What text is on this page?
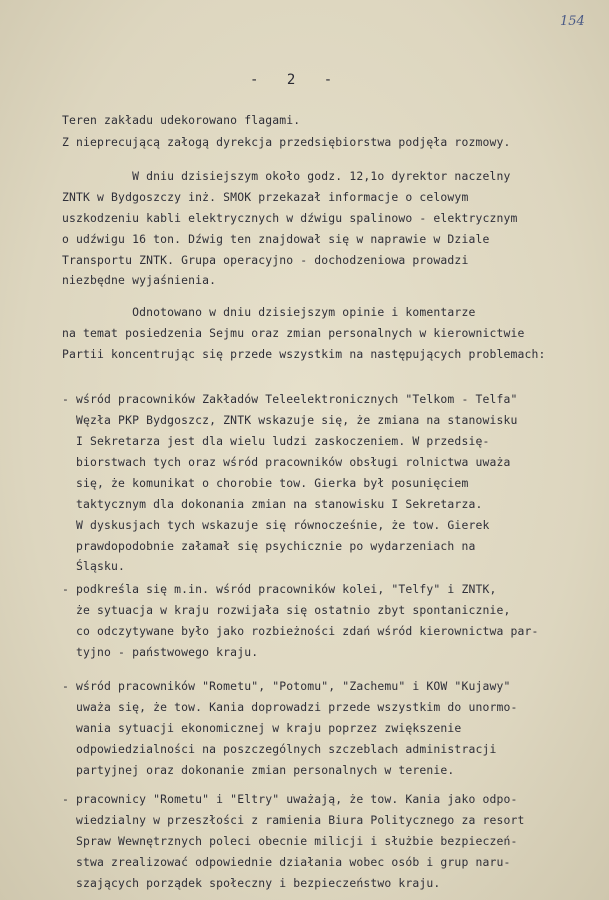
154
- 2 -
Teren zakładu udekorowano flagami.
Z nieprecującą załogą dyrekcja przedsiębiorstwa podjęła rozmowy.
W dniu dzisiejszym około godz. 12,1o dyrektor naczelny
ZNTK w Bydgoszczy inż. SMOK przekazał informacje o celowym
uszkodzeniu kabli elektrycznych w dźwigu spalinowo - elektrycznym
o udźwigu 16 ton. Dźwig ten znajdował się w naprawie w Dziale
Transportu ZNTK. Grupa operacyjno - dochodzeniowa prowadzi
niezbędne wyjaśnienia.
Odnotowano w dniu dzisiejszym opinie i komentarze
na temat posiedzenia Sejmu oraz zmian personalnych w kierownictwie
Partii koncentrując się przede wszystkim na następujących problemach:
- wśród pracowników Zakładów Teleelektronicznych "Telkom - Telfa"
Węzła PKP Bydgoszcz, ZNTK wskazuje się, że zmiana na stanowisku
I Sekretarza jest dla wielu ludzi zaskoczeniem. W przedsię-
biorstwach tych oraz wśród pracowników obsługi rolnictwa uważa
się, że komunikat o chorobie tow. Gierka był posunięciem
taktycznym dla dokonania zmian na stanowisku I Sekretarza.
W dyskusjach tych wskazuje się równocześnie, że tow. Gierek
prawdopodobnie załamał się psychicznie po wydarzeniach na
Śląsku.
- podkreśla się m.in. wśród pracowników kolei, "Telfy" i ZNTK,
że sytuacja w kraju rozwijała się ostatnio zbyt spontanicznie,
co odczytywane było jako rozbieżności zdań wśród kierownictwa par-
tyjno - państwowego kraju.
- wśród pracowników "Rometu", "Potomu", "Zachemu" i KOW "Kujawy"
uważa się, że tow. Kania doprowadzi przede wszystkim do unormo-
wania sytuacji ekonomicznej w kraju poprzez zwiększenie
odpowiedzialności na poszczególnych szczeblach administracji
partyjnej oraz dokonanie zmian personalnych w terenie.
- pracownicy "Rometu" i "Eltry" uważają, że tow. Kania jako odpo-
wiedzialny w przeszłości z ramienia Biura Politycznego za resort
Spraw Wewnętrznych poleci obecnie milicji i służbie bezpieczeń-
stwa zrealizować odpowiednie działania wobec osób i grup naru-
szających porządek społeczny i bezpieczeństwo kraju.
